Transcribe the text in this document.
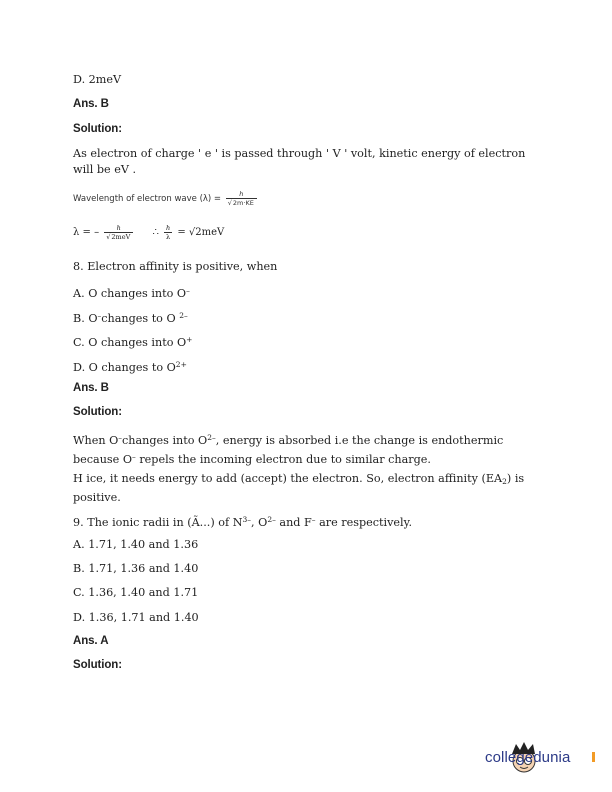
D. 2meV
Ans. B
Solution:
As electron of charge ' e ' is passed through ' V ' volt, kinetic energy of electron will be eV .
Wavelength of electron wave $(\lambda) = \frac{h}{√2m\cdot KE}$
λ = – $\frac{h}{\text{√2meV}}$ ∴ $\frac{h}{\lambda} = √2meV$
8. Electron affinity is positive, when
A. O changes into O–
B. O–changes to O $^{2-}$
C. O changes into O+
D. O changes to $O^{2+}$
Ans. B
Solution:
When O–changes into $O^{2-}$, energy is absorbed i.e the change is endothermic because O– repels the incoming electron due to similar charge.
H ice, it needs energy to add (accept) the electron. So, electron affinity $(EA_2)$ is positive.
9. The ionic radii in (Ã...) of $N^{3-}$, $O^{2-}$ and F– are respectively.
A. 1.71, 1.40 and 1.36
B. 1.71, 1.36 and 1.40
C. 1.36, 1.40 and 1.71
D. 1.36, 1.71 and 1.40
Ans. A
Solution:
collegedunia
